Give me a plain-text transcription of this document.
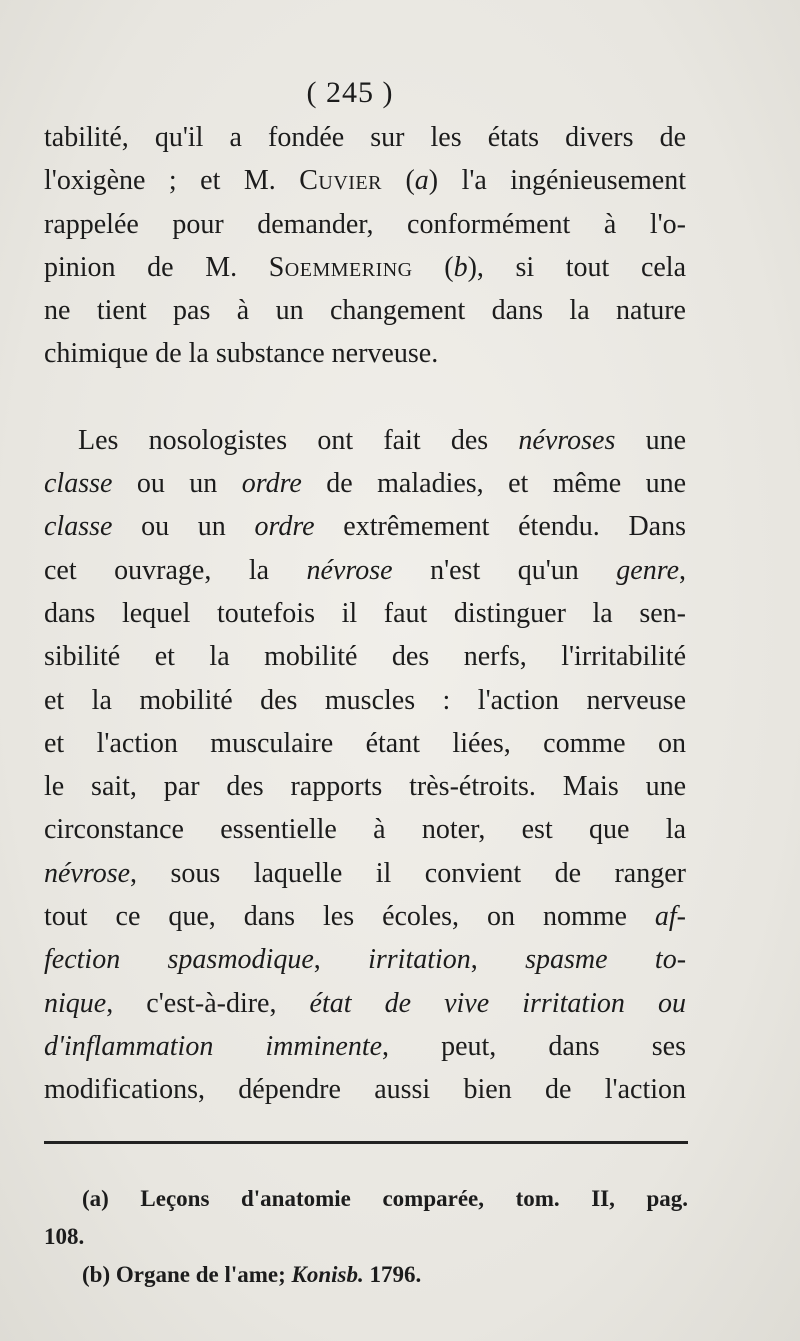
( 245 )
tabilité, qu'il a fondée sur les états divers de
l'oxigène ; et M. Cuvier (a) l'a ingénieusement
rappelée pour demander, conformément à l'o-
pinion de M. Soemmering (b), si tout cela
ne tient pas à un changement dans la nature
chimique de la substance nerveuse.
Les nosologistes ont fait des névroses une
classe ou un ordre de maladies, et même une
classe ou un ordre extrêmement étendu. Dans
cet ouvrage, la névrose n'est qu'un genre,
dans lequel toutefois il faut distinguer la sen-
sibilité et la mobilité des nerfs, l'irritabilité
et la mobilité des muscles : l'action nerveuse
et l'action musculaire étant liées, comme on
le sait, par des rapports très-étroits. Mais une
circonstance essentielle à noter, est que la
névrose, sous laquelle il convient de ranger
tout ce que, dans les écoles, on nomme af-
fection spasmodique, irritation, spasme to-
nique, c'est-à-dire, état de vive irritation ou
d'inflammation imminente, peut, dans ses
modifications, dépendre aussi bien de l'action
(a) Leçons d'anatomie comparée, tom. II, pag.
108.
(b) Organe de l'ame; Konisb. 1796.
